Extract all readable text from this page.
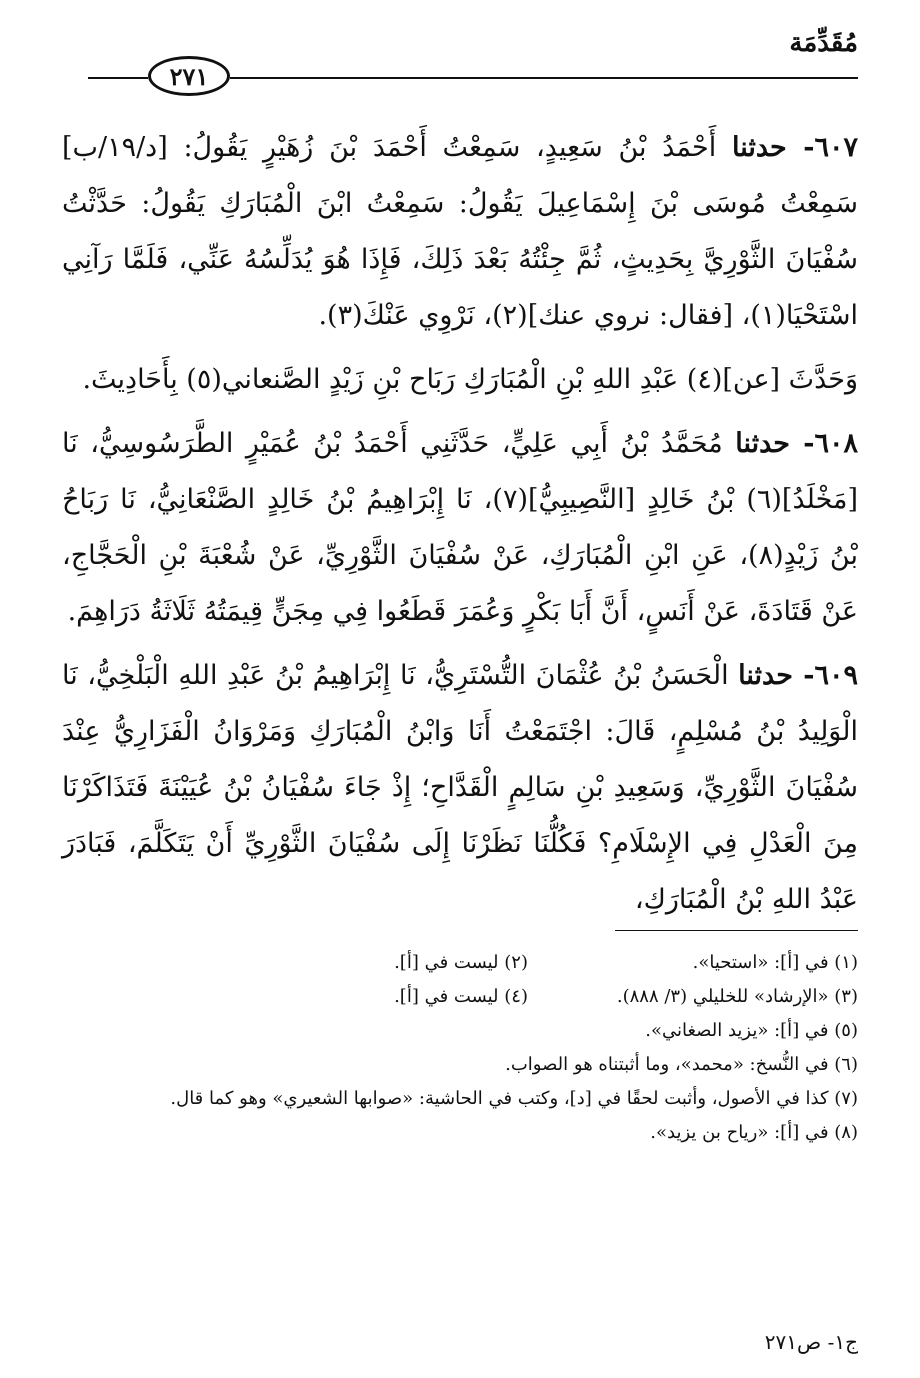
مُقَدِّمَة
٢٧١

٦٠٧- حدثنا أَحْمَدُ بْنُ سَعِيدٍ، سَمِعْتُ أَحْمَدَ بْنَ زُهَيْرٍ يَقُولُ: [د/١٩/ب] سَمِعْتُ مُوسَى بْنَ إِسْمَاعِيلَ يَقُولُ: سَمِعْتُ ابْنَ الْمُبَارَكِ يَقُولُ: حَدَّثْتُ سُفْيَانَ الثَّوْرِيَّ بِحَدِيثٍ، ثُمَّ جِئْتُهُ بَعْدَ ذَلِكَ، فَإِذَا هُوَ يُدَلِّسُهُ عَنِّي، فَلَمَّا رَآنِي اسْتَحْيَا(١)، [فقال: نروي عنك](٢)، نَرْوِي عَنْكَ(٣).

وَحَدَّثَ [عن](٤) عَبْدِ اللهِ بْنِ الْمُبَارَكِ رَبَاح بْنِ زَيْدٍ الصَّنعاني(٥) بِأَحَادِيثَ.

٦٠٨- حدثنا مُحَمَّدُ بْنُ أَبِي عَلِيٍّ، حَدَّثَنِي أَحْمَدُ بْنُ عُمَيْرٍ الطَّرَسُوسِيُّ، نَا [مَخْلَدُ](٦) بْنُ خَالِدٍ [النَّصِيبِيُّ](٧)، نَا إِبْرَاهِيمُ بْنُ خَالِدٍ الصَّنْعَانِيُّ، نَا رَبَاحُ بْنُ زَيْدٍ(٨)، عَنِ ابْنِ الْمُبَارَكِ، عَنْ سُفْيَانَ الثَّوْرِيِّ، عَنْ شُعْبَةَ بْنِ الْحَجَّاجِ، عَنْ قَتَادَةَ، عَنْ أَنَسٍ، أَنَّ أَبَا بَكْرٍ وَعُمَرَ قَطَعُوا فِي مِجَنٍّ قِيمَتُهُ ثَلَاثَةُ دَرَاهِمَ.

٦٠٩- حدثنا الْحَسَنُ بْنُ عُثْمَانَ التُّسْتَرِيُّ، نَا إِبْرَاهِيمُ بْنُ عَبْدِ اللهِ الْبَلْخِيُّ، نَا الْوَلِيدُ بْنُ مُسْلِمٍ، قَالَ: اجْتَمَعْتُ أَنَا وَابْنُ الْمُبَارَكِ وَمَرْوَانُ الْفَزَارِيُّ عِنْدَ سُفْيَانَ الثَّوْرِيِّ، وَسَعِيدِ بْنِ سَالِمٍ الْقَدَّاحِ؛ إِذْ جَاءَ سُفْيَانُ بْنُ عُيَيْنَةَ فَتَذَاكَرْنَا مِنَ الْعَدْلِ فِي الإِسْلَامِ؟ فَكُلُّنَا نَظَرْنَا إِلَى سُفْيَانَ الثَّوْرِيِّ أَنْ يَتَكَلَّمَ، فَبَادَرَ عَبْدُ اللهِ بْنُ الْمُبَارَكِ،

(١) في [أ]: «استحيا».
(٢) ليست في [أ].
(٣) «الإرشاد» للخليلي (٣/ ٨٨٨).
(٤) ليست في [أ].
(٥) في [أ]: «يزيد الصغاني».
(٦) في النُّسخ: «محمد»، وما أثبتناه هو الصواب.
(٧) كذا في الأصول، وأثبت لحقًا في [د]، وكتب في الحاشية: «صوابها الشعيري» وهو كما قال.
(٨) في [أ]: «رياح بن يزيد».
ج١- ص٢٧١
